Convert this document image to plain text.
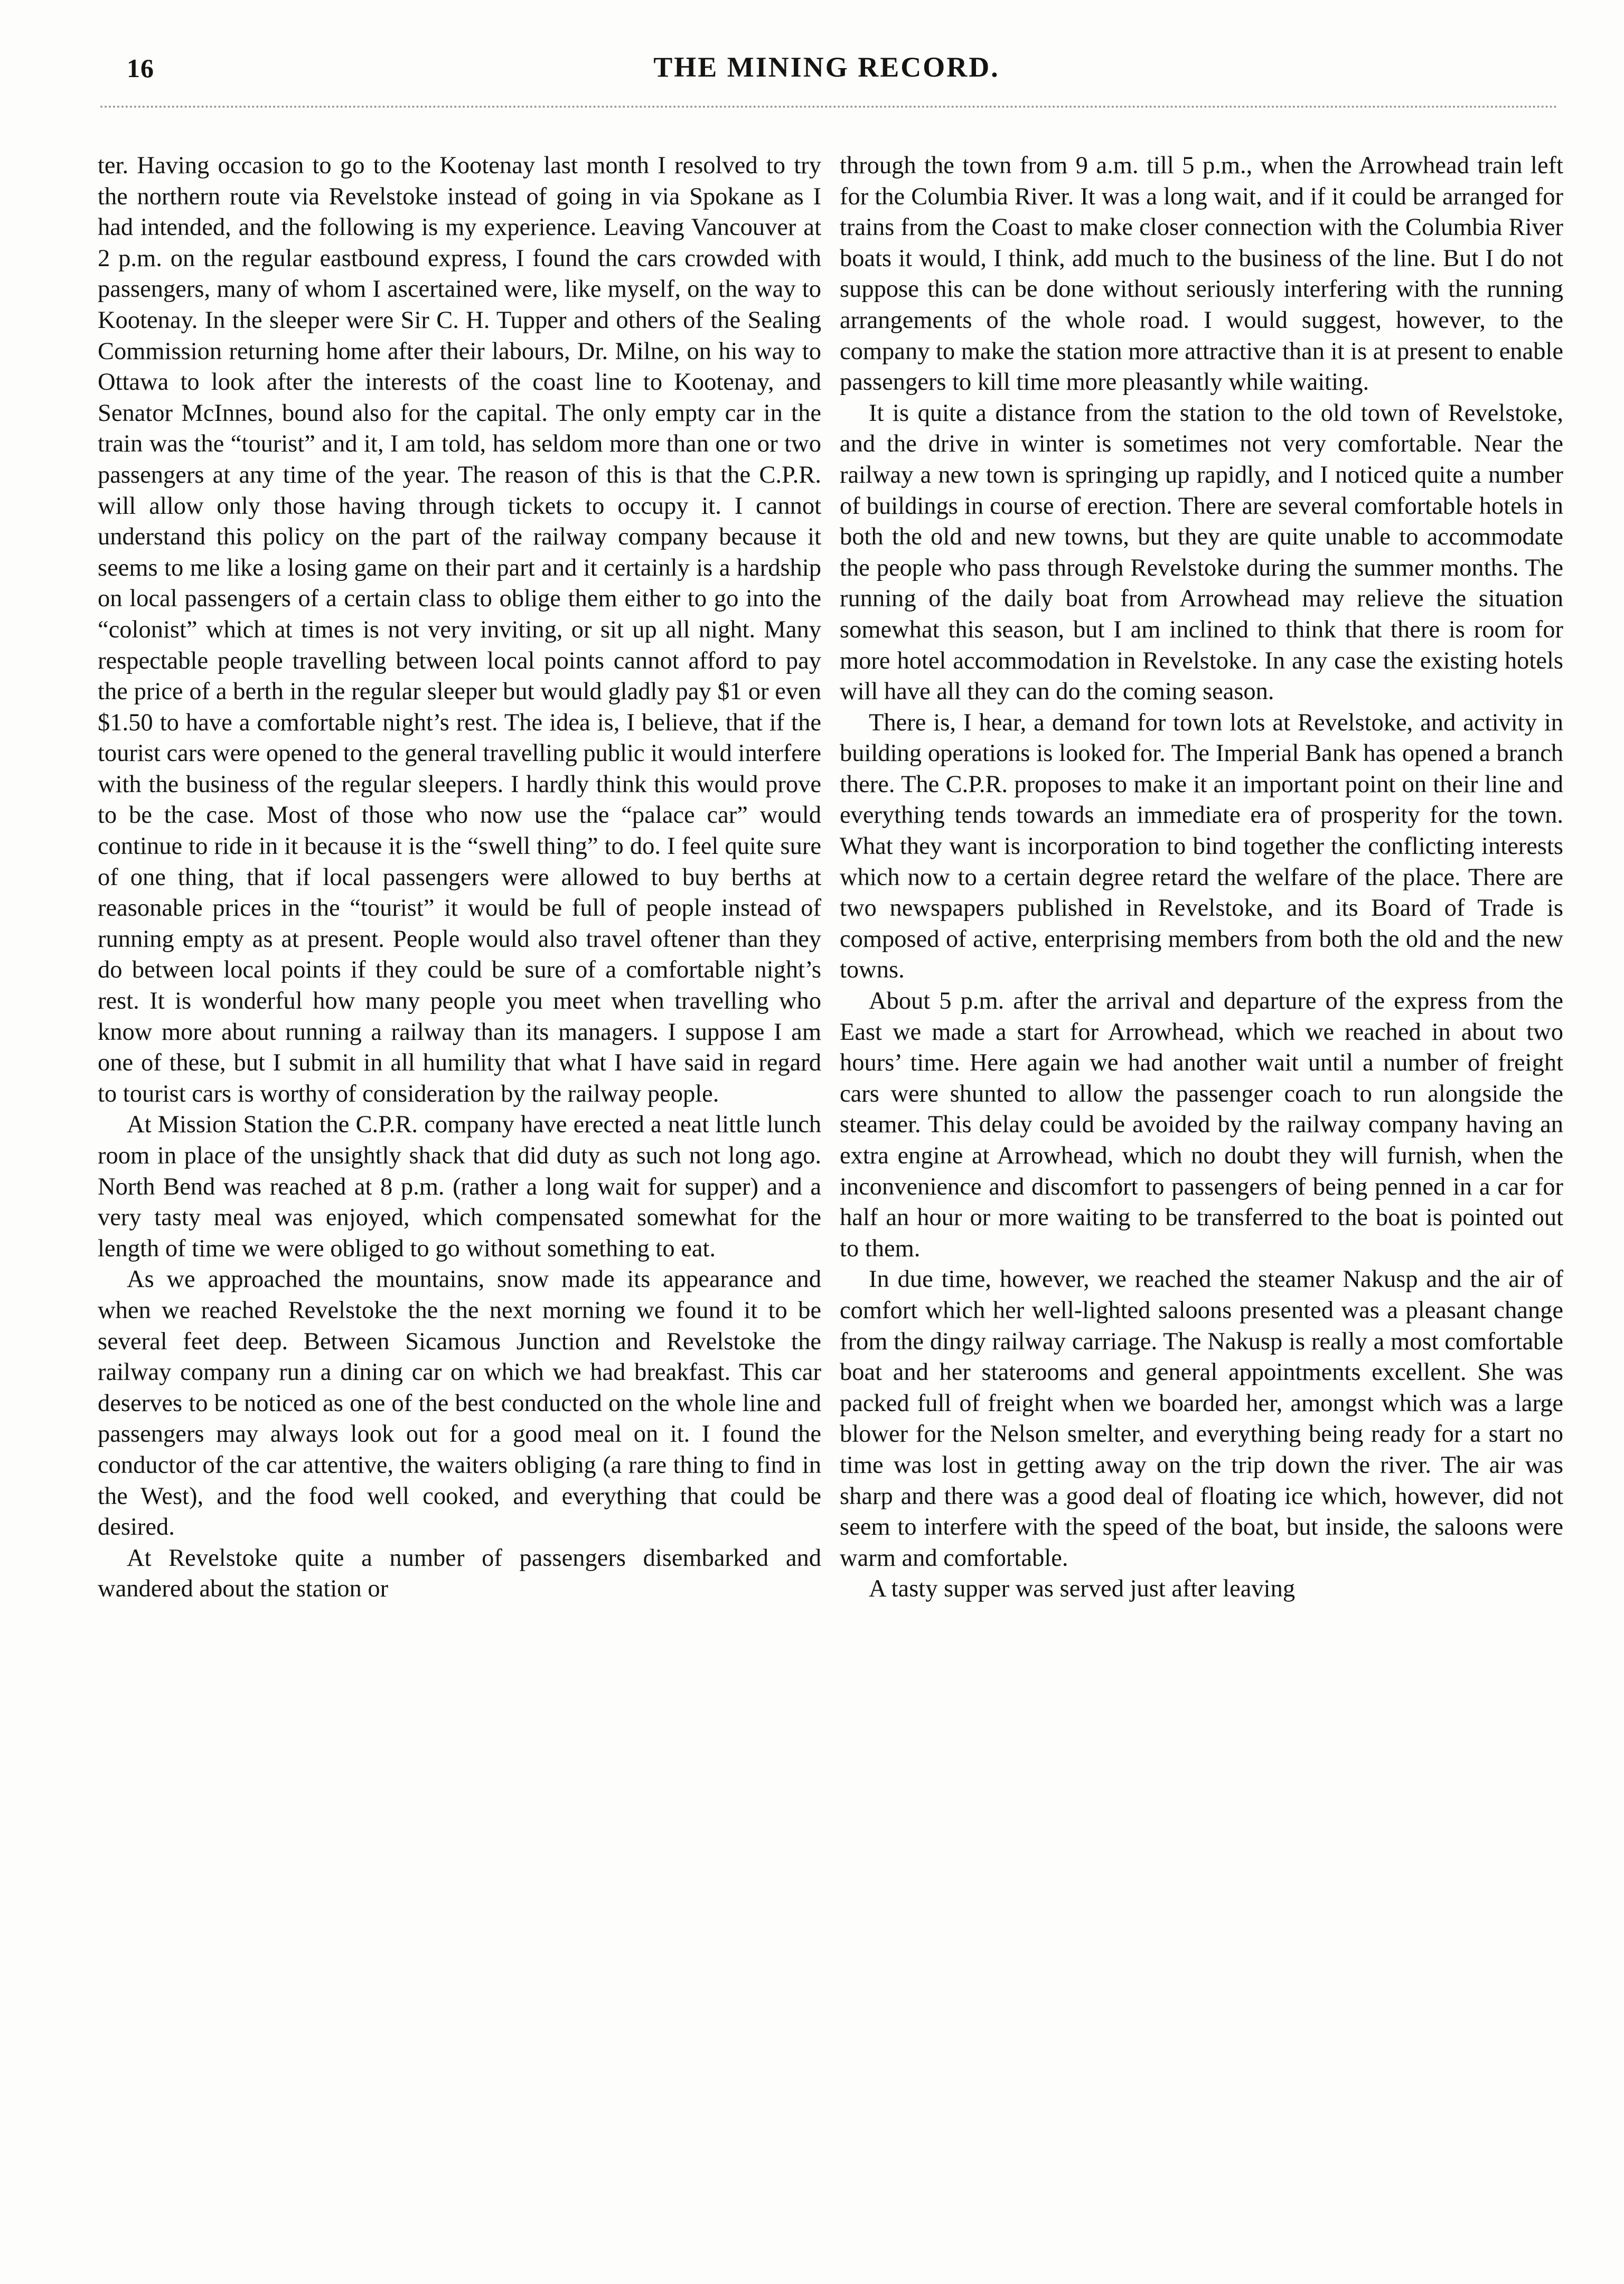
16	THE MINING RECORD.

ter. Having occasion to go to the Kootenay last month I resolved to try the northern route via Revelstoke instead of going in via Spokane as I had intended, and the following is my experience. Leaving Vancouver at 2 p.m. on the regular eastbound express, I found the cars crowded with passengers, many of whom I ascertained were, like myself, on the way to Kootenay. In the sleeper were Sir C. H. Tupper and others of the Sealing Commission returning home after their labours, Dr. Milne, on his way to Ottawa to look after the interests of the coast line to Kootenay, and Senator McInnes, bound also for the capital. The only empty car in the train was the “tourist” and it, I am told, has seldom more than one or two passengers at any time of the year. The reason of this is that the C.P.R. will allow only those having through tickets to occupy it. I cannot understand this policy on the part of the railway company because it seems to me like a losing game on their part and it certainly is a hardship on local passengers of a certain class to oblige them either to go into the “colonist” which at times is not very inviting, or sit up all night. Many respectable people travelling between local points cannot afford to pay the price of a berth in the regular sleeper but would gladly pay $1 or even $1.50 to have a comfortable night’s rest. The idea is, I believe, that if the tourist cars were opened to the general travelling public it would interfere with the business of the regular sleepers. I hardly think this would prove to be the case. Most of those who now use the “palace car” would continue to ride in it because it is the “swell thing” to do. I feel quite sure of one thing, that if local passengers were allowed to buy berths at reasonable prices in the “tourist” it would be full of people instead of running empty as at present. People would also travel oftener than they do between local points if they could be sure of a comfortable night’s rest. It is wonderful how many people you meet when travelling who know more about running a railway than its managers. I suppose I am one of these, but I submit in all humility that what I have said in regard to tourist cars is worthy of consideration by the railway people.

At Mission Station the C.P.R. company have erected a neat little lunch room in place of the unsightly shack that did duty as such not long ago. North Bend was reached at 8 p.m. (rather a long wait for supper) and a very tasty meal was enjoyed, which compensated somewhat for the length of time we were obliged to go without something to eat.

As we approached the mountains, snow made its appearance and when we reached Revelstoke the the next morning we found it to be several feet deep. Between Sicamous Junction and Revelstoke the railway company run a dining car on which we had breakfast. This car deserves to be noticed as one of the best conducted on the whole line and passengers may always look out for a good meal on it. I found the conductor of the car attentive, the waiters obliging (a rare thing to find in the West), and the food well cooked, and everything that could be desired.

At Revelstoke quite a number of passengers disembarked and wandered about the station or

through the town from 9 a.m. till 5 p.m., when the Arrowhead train left for the Columbia River. It was a long wait, and if it could be arranged for trains from the Coast to make closer connection with the Columbia River boats it would, I think, add much to the business of the line. But I do not suppose this can be done without seriously interfering with the running arrangements of the whole road. I would suggest, however, to the company to make the station more attractive than it is at present to enable passengers to kill time more pleasantly while waiting.

It is quite a distance from the station to the old town of Revelstoke, and the drive in winter is sometimes not very comfortable. Near the railway a new town is springing up rapidly, and I noticed quite a number of buildings in course of erection. There are several comfortable hotels in both the old and new towns, but they are quite unable to accommodate the people who pass through Revelstoke during the summer months. The running of the daily boat from Arrowhead may relieve the situation somewhat this season, but I am inclined to think that there is room for more hotel accommodation in Revelstoke. In any case the existing hotels will have all they can do the coming season.

There is, I hear, a demand for town lots at Revelstoke, and activity in building operations is looked for. The Imperial Bank has opened a branch there. The C.P.R. proposes to make it an important point on their line and everything tends towards an immediate era of prosperity for the town. What they want is incorporation to bind together the conflicting interests which now to a certain degree retard the welfare of the place. There are two newspapers published in Revelstoke, and its Board of Trade is composed of active, enterprising members from both the old and the new towns.

About 5 p.m. after the arrival and departure of the express from the East we made a start for Arrowhead, which we reached in about two hours’ time. Here again we had another wait until a number of freight cars were shunted to allow the passenger coach to run alongside the steamer. This delay could be avoided by the railway company having an extra engine at Arrowhead, which no doubt they will furnish, when the inconvenience and discomfort to passengers of being penned in a car for half an hour or more waiting to be transferred to the boat is pointed out to them.

In due time, however, we reached the steamer Nakusp and the air of comfort which her well-lighted saloons presented was a pleasant change from the dingy railway carriage. The Nakusp is really a most comfortable boat and her staterooms and general appointments excellent. She was packed full of freight when we boarded her, amongst which was a large blower for the Nelson smelter, and everything being ready for a start no time was lost in getting away on the trip down the river. The air was sharp and there was a good deal of floating ice which, however, did not seem to interfere with the speed of the boat, but inside, the saloons were warm and comfortable.

A tasty supper was served just after leaving
